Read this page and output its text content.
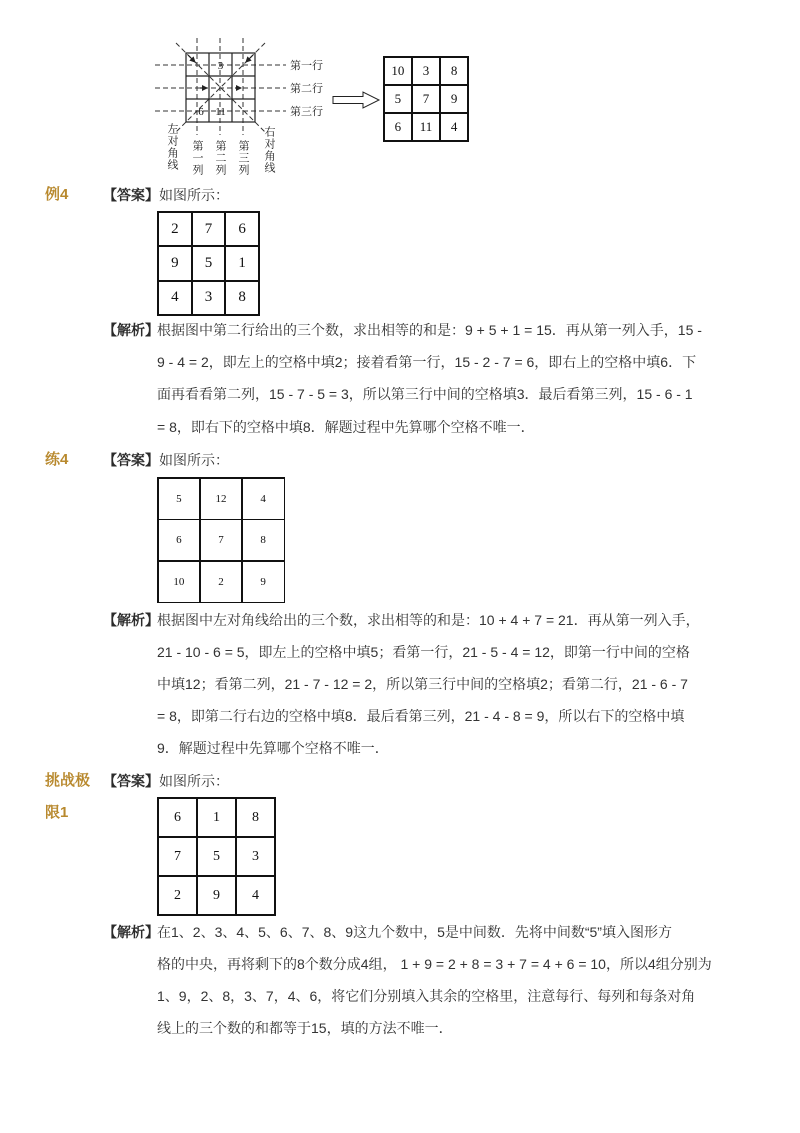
3
6 11
第一行
第二行
第三行
左对角线 第一列 第二列 第三列 右对角线
10	3	8
5	7	9
6	11	4
例4 【答案】如图所示：
2	7	6
9	5	1
4	3	8
【解析】
根据图中第二行给出的三个数，求出相等的和是：9 + 5 + 1 = 15．再从第一列入手，15 -
9 - 4 = 2，即左上的空格中填2；接着看第一行，15 - 2 - 7 = 6，即右上的空格中填6．下
面再看看第二列，15 - 7 - 5 = 3，所以第三行中间的空格填3．最后看第三列，15 - 6 - 1
= 8，即右下的空格中填8．解题过程中先算哪个空格不唯一．
练4 【答案】如图所示：
5	12	4
6	7	8
10	2	9
【解析】
根据图中左对角线给出的三个数，求出相等的和是：10 + 4 + 7 = 21．再从第一列入手，
21 - 10 - 6 = 5，即左上的空格中填5；看第一行，21 - 5 - 4 = 12，即第一行中间的空格
中填12；看第二列，21 - 7 - 12 = 2，所以第三行中间的空格填2；看第二行，21 - 6 - 7
= 8，即第二行右边的空格中填8．最后看第三列，21 - 4 - 8 = 9，所以右下的空格中填
9．解题过程中先算哪个空格不唯一．
挑战极
限1
【答案】如图所示：
6	1	8
7	5	3
2	9	4
【解析】
在1、2、3、4、5、6、7、8、9这九个数中，5是中间数．先将中间数“5”填入图形方
格的中央，再将剩下的8个数分成4组， 1 + 9 = 2 + 8 = 3 + 7 = 4 + 6 = 10，所以4组分别为
1、9，2、8，3、7，4、6，将它们分别填入其余的空格里，注意每行、每列和每条对角
线上的三个数的和都等于15，填的方法不唯一．
